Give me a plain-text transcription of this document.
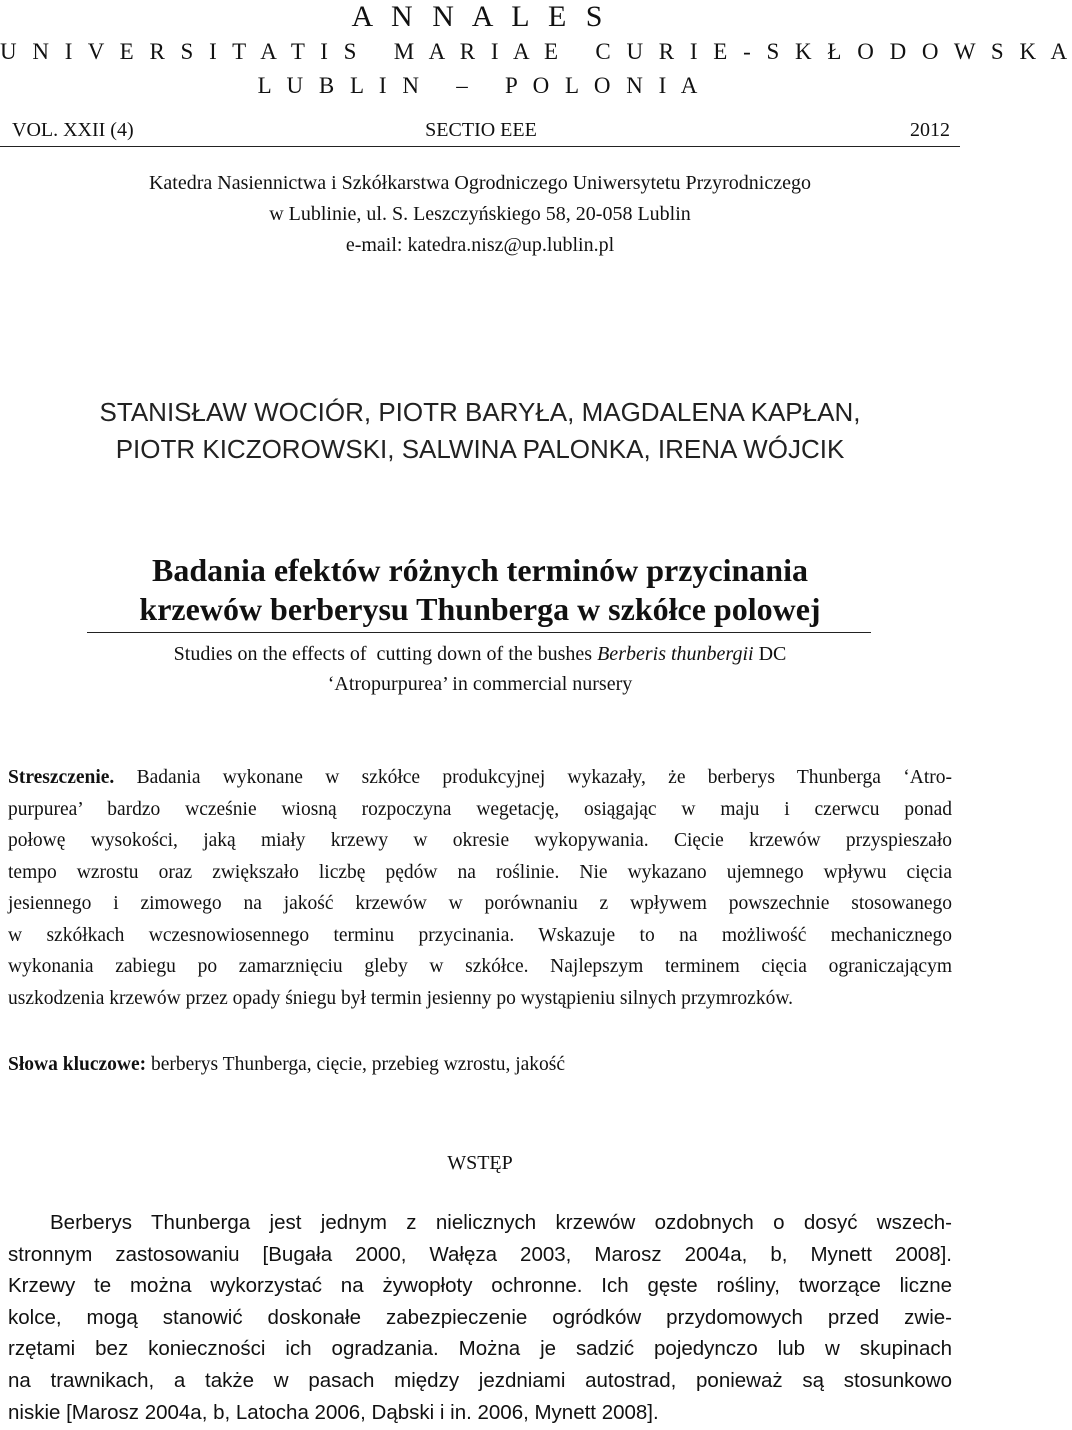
A N N A L E S
U N I V E R S I T A T I S   M A R I A E   C U R I E - S K Ł O D O W S K A
L U B L I N   –   P O L O N I A
SECTIO EEE
VOL. XXII (4)	2012
Katedra Nasiennictwa i Szkółkarstwa Ogrodniczego Uniwersytetu Przyrodniczego
w Lublinie, ul. S. Leszczyńskiego 58, 20-058 Lublin
e-mail: katedra.nisz@up.lublin.pl
STANISŁAW WOCIÓR, PIOTR BARYŁA, MAGDALENA KAPŁAN,
PIOTR KICZOROWSKI, SALWINA PALONKA, IRENA WÓJCIK
Badania efektów różnych terminów przycinania
krzewów berberysu Thunberga w szkółce polowej
Studies on the effects of  cutting down of the bushes Berberis thunbergii DC
‘Atropurpurea’ in commercial nursery
Streszczenie. Badania wykonane w szkółce produkcyjnej wykazały, że berberys Thunberga ‘Atro-
purpurea’ bardzo wcześnie wiosną rozpoczyna wegetację, osiągając w maju i czerwcu ponad
połowę wysokości, jaką miały krzewy w okresie wykopywania. Cięcie krzewów przyspieszało
tempo wzrostu oraz zwiększało liczbę pędów na roślinie. Nie wykazano ujemnego wpływu cięcia
jesiennego i zimowego na jakość krzewów w porównaniu z wpływem powszechnie stosowanego
w szkółkach wczesnowiosennego terminu przycinania. Wskazuje to na możliwość mechanicznego
wykonania zabiegu po zamarznięciu gleby w szkółce. Najlepszym terminem cięcia ograniczającym
uszkodzenia krzewów przez opady śniegu był termin jesienny po wystąpieniu silnych przymrozków.
Słowa kluczowe: berberys Thunberga, cięcie, przebieg wzrostu, jakość
WSTĘP
Berberys Thunberga jest jednym z nielicznych krzewów ozdobnych o dosyć wszech-
stronnym zastosowaniu [Bugała 2000, Wałęza 2003, Marosz 2004a, b, Mynett 2008].
Krzewy te można wykorzystać na żywopłoty ochronne. Ich gęste rośliny, tworzące liczne
kolce, mogą stanowić doskonałe zabezpieczenie ogródków przydomowych przed zwie-
rzętami bez konieczności ich ogradzania. Można je sadzić pojedynczo lub w skupinach
na trawnikach, a także w pasach między jezdniami autostrad, ponieważ są stosunkowo
niskie [Marosz 2004a, b, Latocha 2006, Dąbski i in. 2006, Mynett 2008].
